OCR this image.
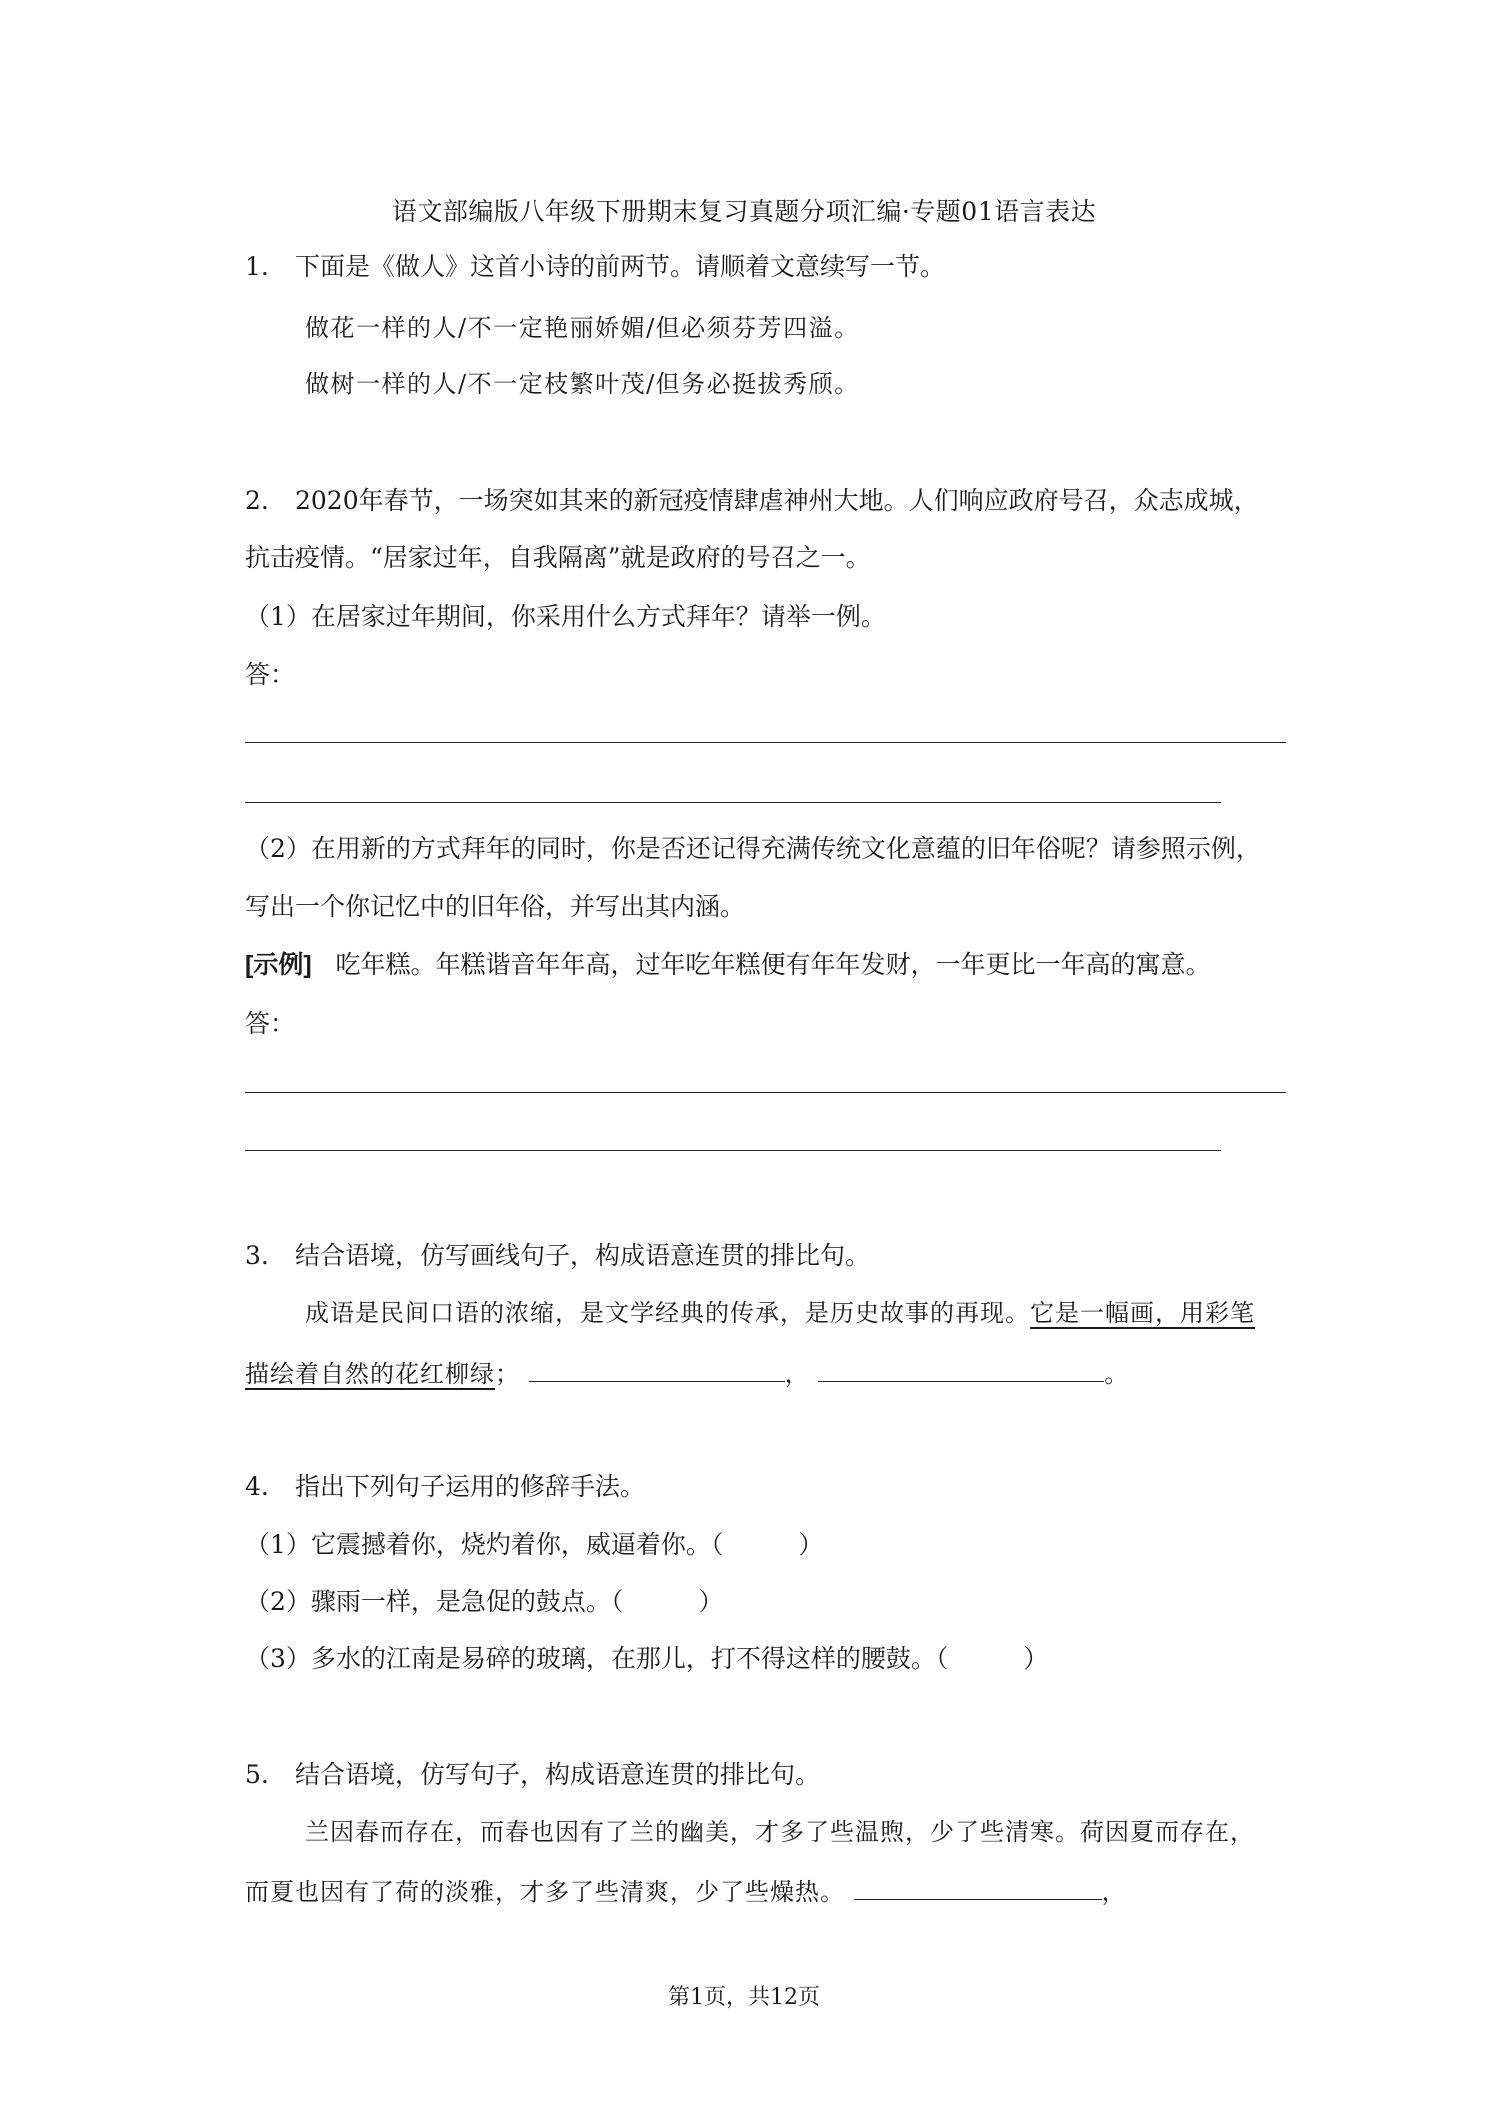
语文部编版八年级下册期末复习真题分项汇编·专题01语言表达
1. 下面是《做人》这首小诗的前两节。请顺着文意续写一节。
做花一样的人/不一定艳丽娇媚/但必须芬芳四溢。
做树一样的人/不一定枝繁叶茂/但务必挺拔秀颀。
2. 2020年春节，一场突如其来的新冠疫情肆虐神州大地。人们响应政府号召，众志成城，
抗击疫情。“居家过年，自我隔离”就是政府的号召之一。
（1）在居家过年期间，你采用什么方式拜年？请举一例。
答：
（2）在用新的方式拜年的同时，你是否还记得充满传统文化意蕴的旧年俗呢？请参照示例，
写出一个你记忆中的旧年俗，并写出其内涵。
[示例] 吃年糕。年糕谐音年年高，过年吃年糕便有年年发财，一年更比一年高的寓意。
答：
3. 结合语境，仿写画线句子，构成语意连贯的排比句。
成语是民间口语的浓缩，是文学经典的传承，是历史故事的再现。它是一幅画，用彩笔
描绘着自然的花红柳绿；	，	。
4. 指出下列句子运用的修辞手法。
（1）它震撼着你，烧灼着你，威逼着你。（　　　）
（2）骤雨一样，是急促的鼓点。（　　　）
（3）多水的江南是易碎的玻璃，在那儿，打不得这样的腰鼓。（　　　）
5. 结合语境，仿写句子，构成语意连贯的排比句。
兰因春而存在，而春也因有了兰的幽美，才多了些温煦，少了些清寒。荷因夏而存在，
而夏也因有了荷的淡雅，才多了些清爽，少了些燥热。	，
第1页，共12页
